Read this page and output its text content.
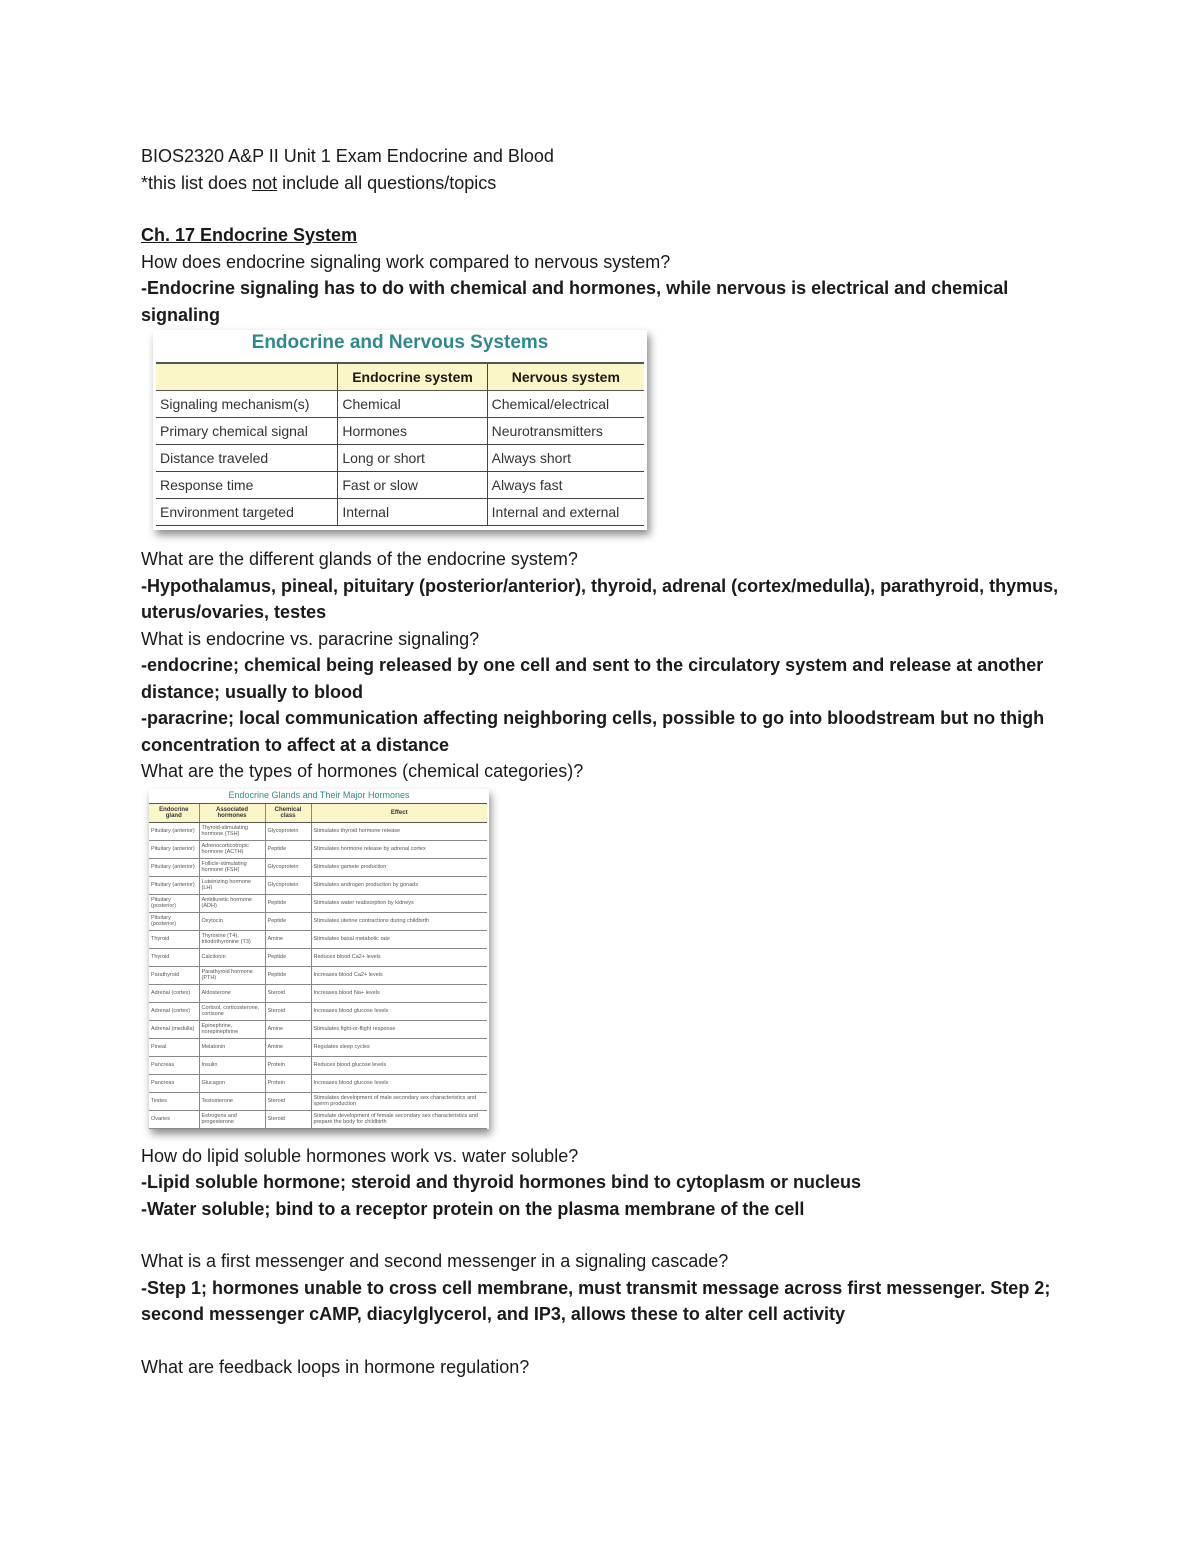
BIOS2320 A&P II Unit 1 Exam Endocrine and Blood
*this list does not include all questions/topics
Ch. 17 Endocrine System
How does endocrine signaling work compared to nervous system?
-Endocrine signaling has to do with chemical and hormones, while nervous is electrical and chemical signaling
Endocrine and Nervous Systems
	Endocrine system	Nervous system
Signaling mechanism(s)	Chemical	Chemical/electrical
Primary chemical signal	Hormones	Neurotransmitters
Distance traveled	Long or short	Always short
Response time	Fast or slow	Always fast
Environment targeted	Internal	Internal and external
What are the different glands of the endocrine system?
-Hypothalamus, pineal, pituitary (posterior/anterior), thyroid, adrenal (cortex/medulla), parathyroid, thymus, uterus/ovaries, testes
What is endocrine vs. paracrine signaling?
-endocrine; chemical being released by one cell and sent to the circulatory system and release at another distance; usually to blood
-paracrine; local communication affecting neighboring cells, possible to go into bloodstream but no thigh concentration to affect at a distance
What are the types of hormones (chemical categories)?
Endocrine Glands and Their Major Hormones
Endocrine gland	Associated hormones	Chemical class	Effect
Pituitary (anterior)	Thyroid-stimulating hormone (TSH)	Glycoprotein	Stimulates thyroid hormone release
Pituitary (anterior)	Adrenocorticotropic hormone (ACTH)	Peptide	Stimulates hormone release by adrenal cortex
Pituitary (anterior)	Follicle-stimulating hormone (FSH)	Glycoprotein	Stimulates gamete production
Pituitary (anterior)	Luteinizing hormone (LH)	Glycoprotein	Stimulates androgen production by gonads
Pituitary (posterior)	Antidiuretic hormone (ADH)	Peptide	Stimulates water reabsorption by kidneys
Pituitary (posterior)	Oxytocin	Peptide	Stimulates uterine contractions during childbirth
Thyroid	Thyroxine (T4), triiodothyronine (T3)	Amine	Stimulates basal metabolic rate
Thyroid	Calcitonin	Peptide	Reduces blood Ca2+ levels
Parathyroid	Parathyroid hormone (PTH)	Peptide	Increases blood Ca2+ levels
Adrenal (cortex)	Aldosterone	Steroid	Increases blood Na+ levels
Adrenal (cortex)	Cortisol, corticosterone, cortisone	Steroid	Increases blood glucose levels
Adrenal (medulla)	Epinephrine, norepinephrine	Amine	Stimulates fight-or-flight response
Pineal	Melatonin	Amine	Regulates sleep cycles
Pancreas	Insulin	Protein	Reduces blood glucose levels
Pancreas	Glucagon	Protein	Increases blood glucose levels
Testes	Testosterone	Steroid	Stimulates development of male secondary sex characteristics and sperm production
Ovaries	Estrogens and progesterone	Steroid	Stimulate development of female secondary sex characteristics and prepare the body for childbirth
How do lipid soluble hormones work vs. water soluble?
-Lipid soluble hormone; steroid and thyroid hormones bind to cytoplasm or nucleus
-Water soluble; bind to a receptor protein on the plasma membrane of the cell
What is a first messenger and second messenger in a signaling cascade?
-Step 1; hormones unable to cross cell membrane, must transmit message across first messenger. Step 2; second messenger cAMP, diacylglycerol, and IP3, allows these to alter cell activity
What are feedback loops in hormone regulation?
